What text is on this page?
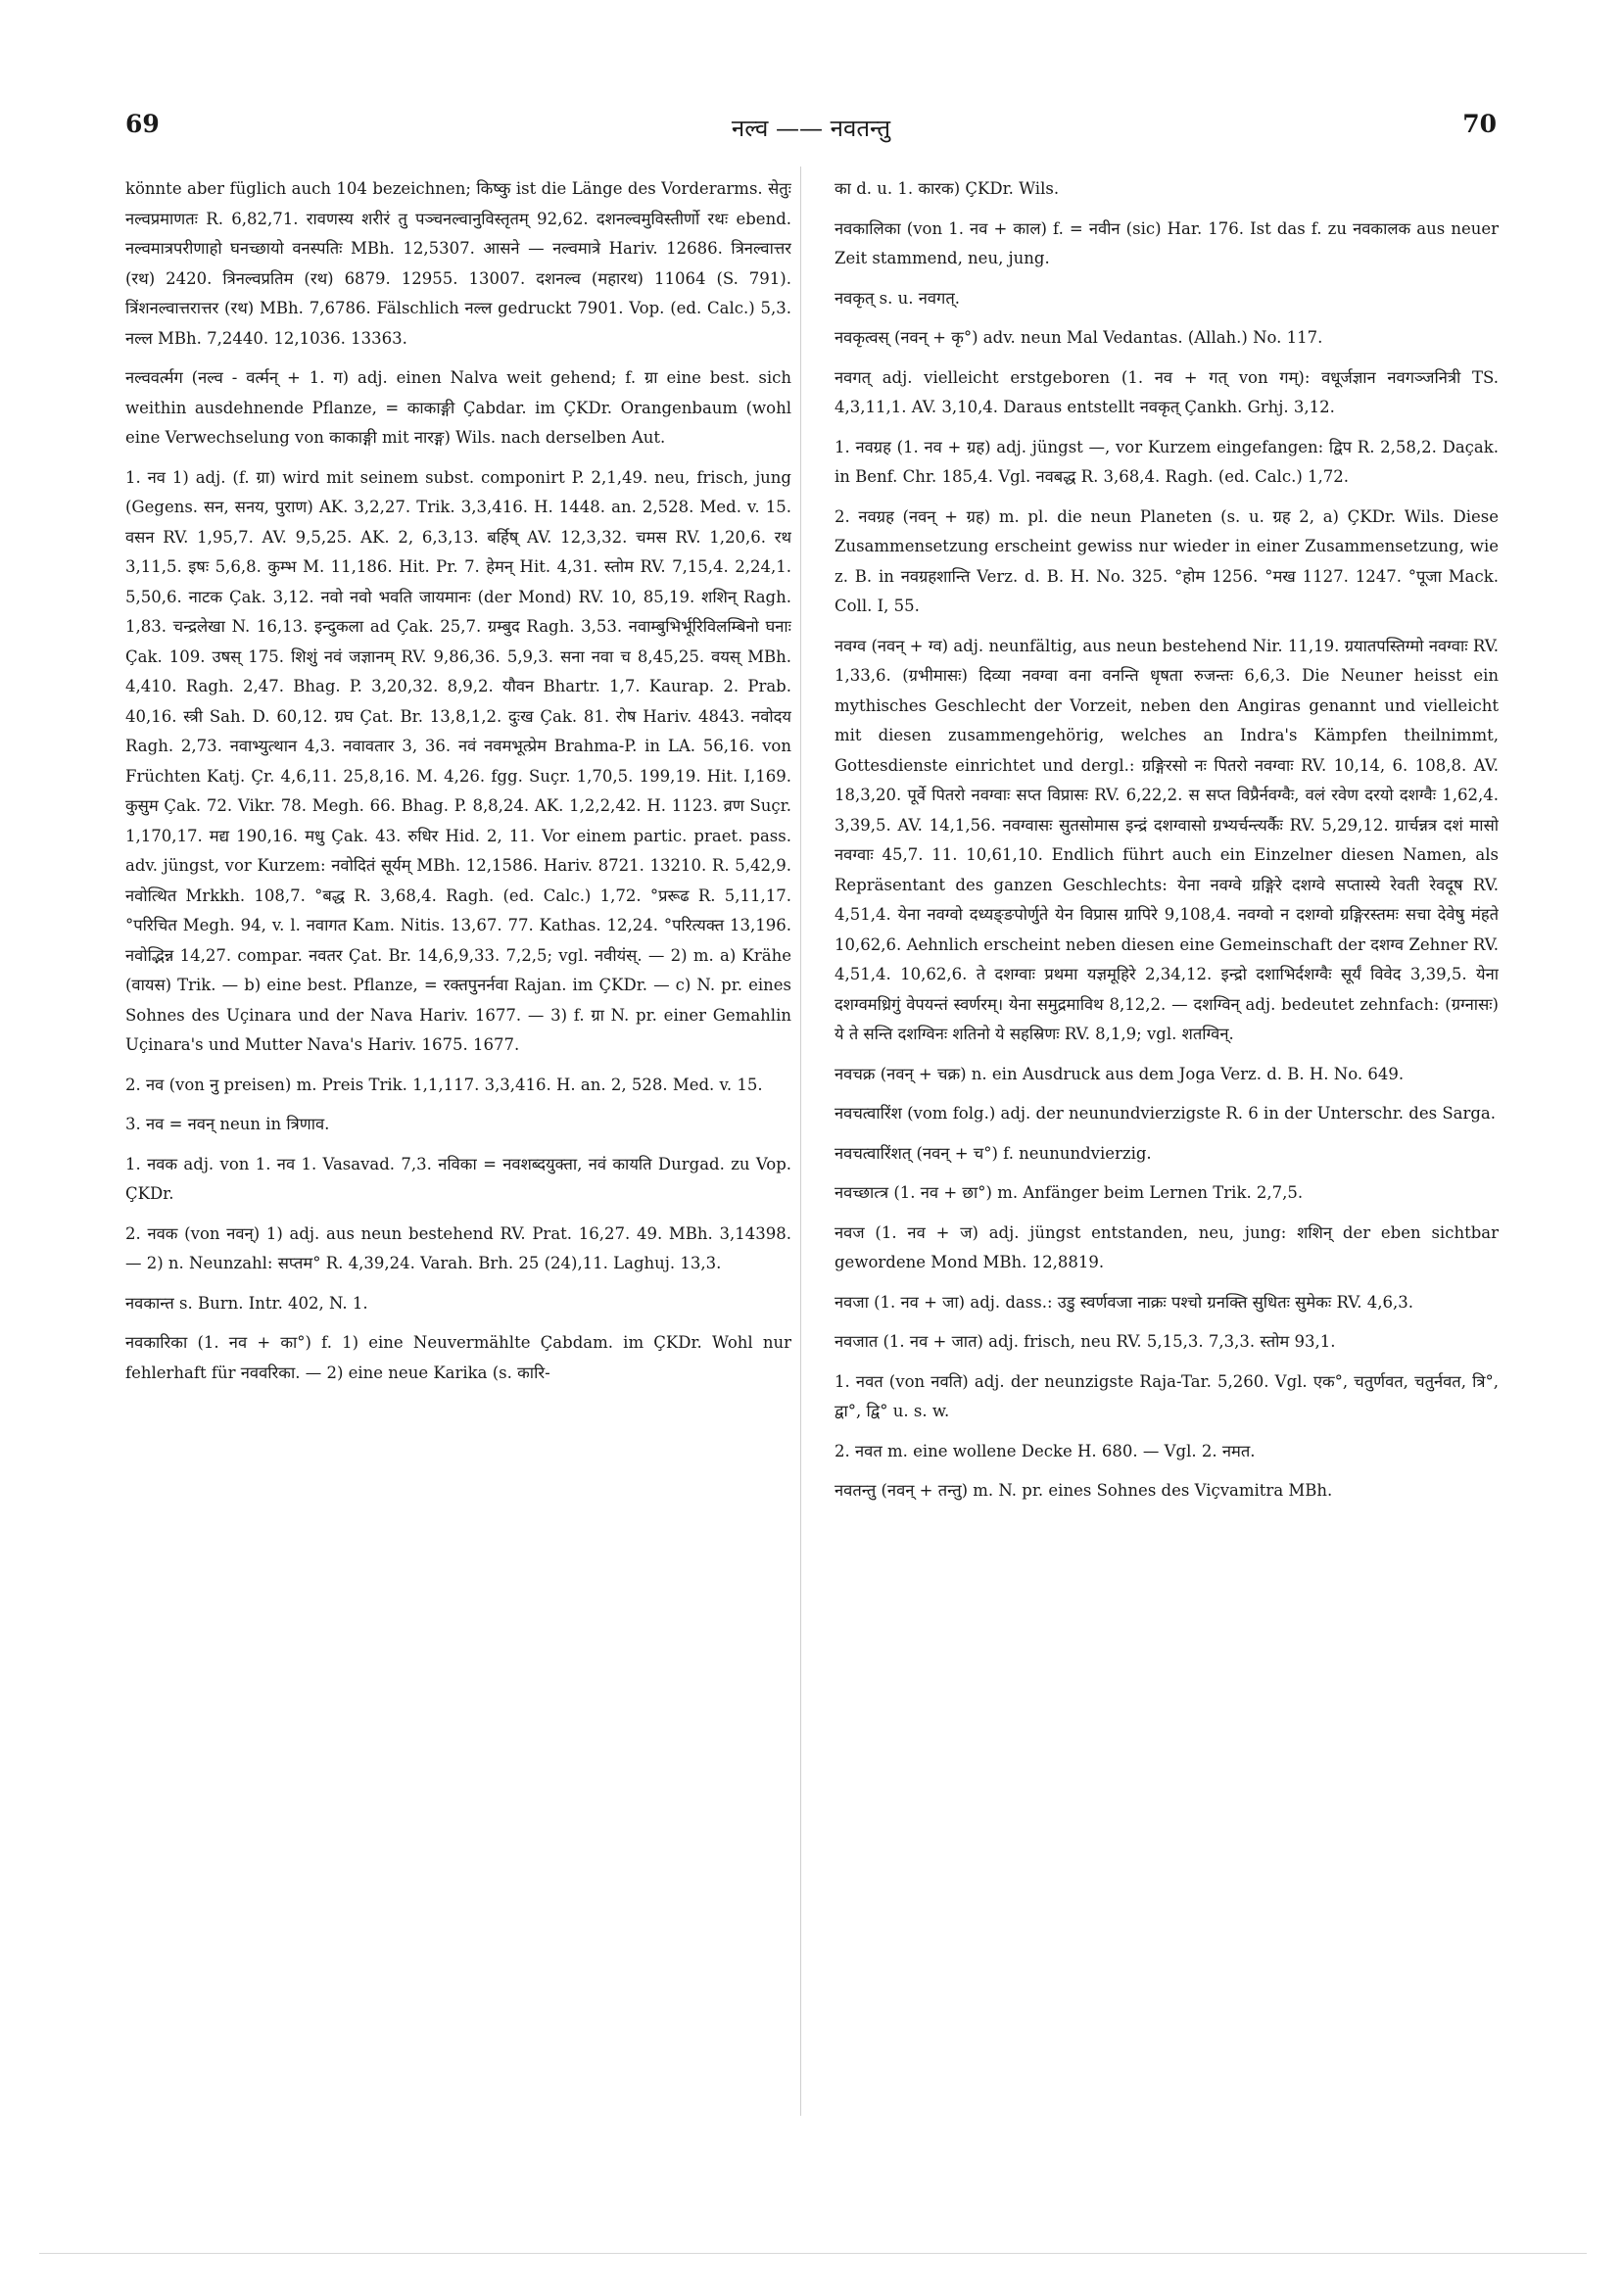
69	नल्व —— नवतन्तु	70

könnte aber füglich auch 104 bezeichnen; किष्कु ist die Länge des Vorderarms. सेतुः नल्वप्रमाणतः R. 6,82,71. रावणस्य शरीरं तु पञ्चनल्वानुविस्तृतम् 92,62. दशनल्वमुविस्तीर्णो रथः ebend. नल्वमात्रपरीणाहो घनच्छायो वनस्पतिः MBh. 12,5307. आसने — नल्वमात्रे Hariv. 12686. त्रिनल्वात्तर (रथ) 2420. त्रिनल्वप्रतिम (रथ) 6879. 12955. 13007. दशनल्व (महारथ) 11064 (S. 791). त्रिंशनल्वात्तरात्तर (रथ) MBh. 7,6786. Fälschlich नल्ल gedruckt 7901. Vop. (ed. Calc.) 5,3. नल्ल MBh. 7,2440. 12,1036. 13363.

नल्ववर्त्मग (नल्व - वर्त्मन् + 1. ग) adj. einen Nalva weit gehend; f. ग्रा eine best. sich weithin ausdehnende Pflanze, = काकाङ्गी Çabdar. im ÇKDr. Orangenbaum (wohl eine Verwechselung von काकाङ्गी mit नारङ्ग) Wils. nach derselben Aut.

1. नव 1) adj. (f. ग्रा) wird mit seinem subst. componirt P. 2,1,49. neu, frisch, jung (Gegens. सन, सनय, पुराण) AK. 3,2,27. Trik. 3,3,416. H. 1448. an. 2,528. Med. v. 15. वसन RV. 1,95,7. AV. 9,5,25. AK. 2, 6,3,13. बर्हिष् AV. 12,3,32. चमस RV. 1,20,6. रथ 3,11,5. इषः 5,6,8. कुम्भ M. 11,186. Hit. Pr. 7. हेमन् Hit. 4,31. स्तोम RV. 7,15,4. 2,24,1. 5,50,6. नाटक Çak. 3,12. नवो नवो भवति जायमानः (der Mond) RV. 10, 85,19. शशिन् Ragh. 1,83. चन्द्रलेखा N. 16,13. इन्दुकला ad Çak. 25,7. ग्रम्बुद Ragh. 3,53. नवाम्बुभिर्भूरिविलम्बिनो घनाः Çak. 109. उषस् 175. शिशुं नवं जज्ञानम् RV. 9,86,36. 5,9,3. सना नवा च 8,45,25. वयस् MBh. 4,410. Ragh. 2,47. Bhag. P. 3,20,32. 8,9,2. यौवन Bhartr. 1,7. Kaurap. 2. Prab. 40,16. स्त्री Sah. D. 60,12. ग्रघ Çat. Br. 13,8,1,2. दुःख Çak. 81. रोष Hariv. 4843. नवोदय Ragh. 2,73. नवाभ्युत्थान 4,3. नवावतार 3, 36. नवं नवमभूत्प्रेम Brahma-P. in LA. 56,16. von Früchten Katj. Çr. 4,6,11. 25,8,16. M. 4,26. fgg. Suçr. 1,70,5. 199,19. Hit. I,169. कुसुम Çak. 72. Vikr. 78. Megh. 66. Bhag. P. 8,8,24. AK. 1,2,2,42. H. 1123. व्रण Suçr. 1,170,17. मद्य 190,16. मधु Çak. 43. रुधिर Hid. 2, 11. Vor einem partic. praet. pass. adv. jüngst, vor Kurzem: नवोदितं सूर्यम् MBh. 12,1586. Hariv. 8721. 13210. R. 5,42,9. नवोत्थित Mrkkh. 108,7. °बद्ध R. 3,68,4. Ragh. (ed. Calc.) 1,72. °प्ररूढ R. 5,11,17. °परिचित Megh. 94, v. l. नवागत Kam. Nitis. 13,67. 77. Kathas. 12,24. °परित्यक्त 13,196. नवोद्भिन्न 14,27. compar. नवतर Çat. Br. 14,6,9,33. 7,2,5; vgl. नवीयंस्. — 2) m. a) Krähe (वायस) Trik. — b) eine best. Pflanze, = रक्तपुनर्नवा Rajan. im ÇKDr. — c) N. pr. eines Sohnes des Uçinara und der Nava Hariv. 1677. — 3) f. ग्रा N. pr. einer Gemahlin Uçinara's und Mutter Nava's Hariv. 1675. 1677.

2. नव (von नु preisen) m. Preis Trik. 1,1,117. 3,3,416. H. an. 2, 528. Med. v. 15.

3. नव = नवन् neun in त्रिणाव.

1. नवक adj. von 1. नव 1. Vasavad. 7,3. नविका = नवशब्दयुक्ता, नवं कायति Durgad. zu Vop. ÇKDr.

2. नवक (von नवन्) 1) adj. aus neun bestehend RV. Prat. 16,27. 49. MBh. 3,14398. — 2) n. Neunzahl: सप्तम° R. 4,39,24. Varah. Brh. 25 (24),11. Laghuj. 13,3.

नवकान्त s. Burn. Intr. 402, N. 1.

नवकारिका (1. नव + का°) f. 1) eine Neuvermählte Çabdam. im ÇKDr. Wohl nur fehlerhaft für नववरिका. — 2) eine neue Karika (s. कारि-

का d. u. 1. कारक) ÇKDr. Wils.

नवकालिका (von 1. नव + काल) f. = नवीन (sic) Har. 176. Ist das f. zu नवकालक aus neuer Zeit stammend, neu, jung.

नवकृत् s. u. नवगत्.

नवकृत्वस् (नवन् + कृ°) adv. neun Mal Vedantas. (Allah.) No. 117.

नवगत् adj. vielleicht erstgeboren (1. नव + गत् von गम्): वधूर्जज्ञान नवगञ्जनित्री TS. 4,3,11,1. AV. 3,10,4. Daraus entstellt नवकृत् Çankh. Grhj. 3,12.

1. नवग्रह (1. नव + ग्रह) adj. jüngst —, vor Kurzem eingefangen: द्विप R. 2,58,2. Daçak. in Benf. Chr. 185,4. Vgl. नवबद्ध R. 3,68,4. Ragh. (ed. Calc.) 1,72.

2. नवग्रह (नवन् + ग्रह) m. pl. die neun Planeten (s. u. ग्रह 2, a) ÇKDr. Wils. Diese Zusammensetzung erscheint gewiss nur wieder in einer Zusammensetzung, wie z. B. in नवग्रहशान्ति Verz. d. B. H. No. 325. °होम 1256. °मख 1127. 1247. °पूजा Mack. Coll. I, 55.

नवग्व (नवन् + ग्व) adj. neunfältig, aus neun bestehend Nir. 11,19. ग्रयातपस्तिग्मो नवग्वाः RV. 1,33,6. (ग्रभीमासः) दिव्या नवग्वा वना वनन्ति धृषता रुजन्तः 6,6,3. Die Neuner heisst ein mythisches Geschlecht der Vorzeit, neben den Angiras genannt und vielleicht mit diesen zusammengehörig, welches an Indra's Kämpfen theilnimmt, Gottesdienste einrichtet und dergl.: ग्रङ्गिरसो नः पितरो नवग्वाः RV. 10,14, 6. 108,8. AV. 18,3,20. पूर्वे पितरो नवग्वाः सप्त विप्रासः RV. 6,22,2. स सप्त विप्रैर्नवग्वैः, वलं रवेण दरयो दशग्वैः 1,62,4. 3,39,5. AV. 14,1,56. नवग्वासः सुतसोमास इन्द्रं दशग्वासो ग्रभ्यर्चन्त्यर्कैः RV. 5,29,12. ग्रार्चन्नत्र दशं मासो नवग्वाः 45,7. 11. 10,61,10. Endlich führt auch ein Einzelner diesen Namen, als Repräsentant des ganzen Geschlechts: येना नवग्वे ग्रङ्गिरे दशग्वे सप्तास्ये रेवती रेवदूष RV. 4,51,4. येना नवग्वो दध्यङ्ङपोर्णुते येन विप्रास ग्रापिरे 9,108,4. नवग्वो न दशग्वो ग्रङ्गिरस्तमः सचा देवेषु मंहते 10,62,6. Aehnlich erscheint neben diesen eine Gemeinschaft der दशग्व Zehner RV. 4,51,4. 10,62,6. ते दशग्वाः प्रथमा यज्ञमूहिरे 2,34,12. इन्द्रो दशाभिर्दशग्वैः सूर्यं विवेद 3,39,5. येना दशग्वमध्रिगुं वेपयन्तं स्वर्णरम्। येना समुद्रमाविथ 8,12,2. — दशग्विन् adj. bedeutet zehnfach: (ग्रग्नासः) ये ते सन्ति दशग्विनः शतिनो ये सहस्रिणः RV. 8,1,9; vgl. शतग्विन्.

नवचक्र (नवन् + चक्र) n. ein Ausdruck aus dem Joga Verz. d. B. H. No. 649.

नवचत्वारिंश (vom folg.) adj. der neunundvierzigste R. 6 in der Unterschr. des Sarga.

नवचत्वारिंशत् (नवन् + च°) f. neunundvierzig.

नवच्छात्त्र (1. नव + छा°) m. Anfänger beim Lernen Trik. 2,7,5.

नवज (1. नव + ज) adj. jüngst entstanden, neu, jung: शशिन् der eben sichtbar gewordene Mond MBh. 12,8819.

नवजा (1. नव + जा) adj. dass.: उडु स्वर्णवजा नाक्रः पश्चो ग्रनक्ति सुधितः सुमेकः RV. 4,6,3.

नवजात (1. नव + जात) adj. frisch, neu RV. 5,15,3. 7,3,3. स्तोम 93,1.

1. नवत (von नवति) adj. der neunzigste Raja-Tar. 5,260. Vgl. एक°, चतुर्णवत, चतुर्नवत, त्रि°, द्वा°, द्वि° u. s. w.

2. नवत m. eine wollene Decke H. 680. — Vgl. 2. नमत.

नवतन्तु (नवन् + तन्तु) m. N. pr. eines Sohnes des Viçvamitra MBh.
